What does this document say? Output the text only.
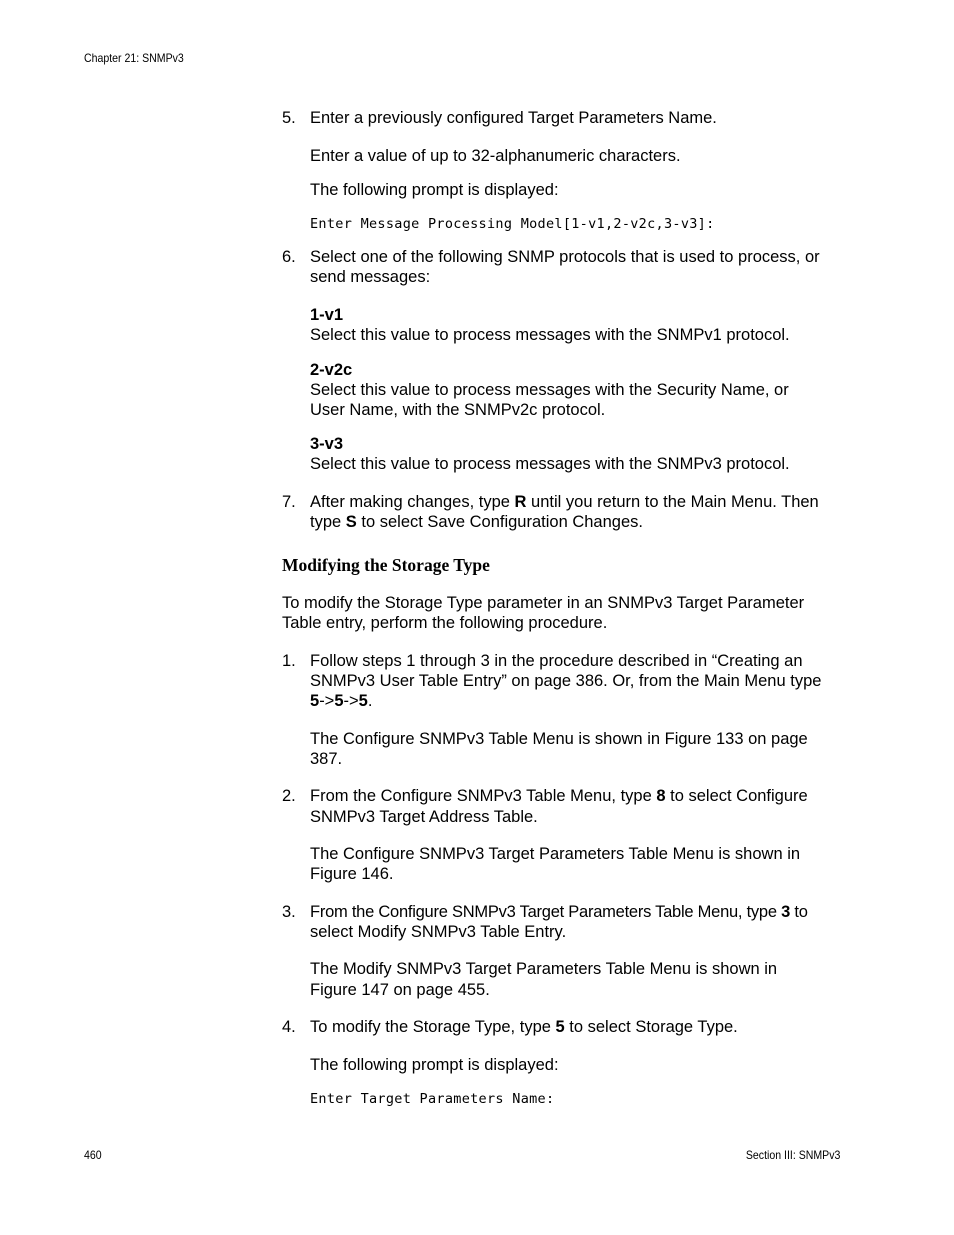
Chapter 21: SNMPv3
5. Enter a previously configured Target Parameters Name.
Enter a value of up to 32-alphanumeric characters.
The following prompt is displayed:
Enter Message Processing Model[1-v1,2-v2c,3-v3]:
6. Select one of the following SNMP protocols that is used to process, or
send messages:
1-v1
Select this value to process messages with the SNMPv1 protocol.
2-v2c
Select this value to process messages with the Security Name, or
User Name, with the SNMPv2c protocol.
3-v3
Select this value to process messages with the SNMPv3 protocol.
7. After making changes, type R until you return to the Main Menu. Then
type S to select Save Configuration Changes.
Modifying the Storage Type
To modify the Storage Type parameter in an SNMPv3 Target Parameter
Table entry, perform the following procedure.
1. Follow steps 1 through 3 in the procedure described in “Creating an
SNMPv3 User Table Entry” on page 386. Or, from the Main Menu type
5->5->5.
The Configure SNMPv3 Table Menu is shown in Figure 133 on page
387.
2. From the Configure SNMPv3 Table Menu, type 8 to select Configure
SNMPv3 Target Address Table.
The Configure SNMPv3 Target Parameters Table Menu is shown in
Figure 146.
3. From the Configure SNMPv3 Target Parameters Table Menu, type 3 to
select Modify SNMPv3 Table Entry.
The Modify SNMPv3 Target Parameters Table Menu is shown in
Figure 147 on page 455.
4. To modify the Storage Type, type 5 to select Storage Type.
The following prompt is displayed:
Enter Target Parameters Name:
460	Section III: SNMPv3
